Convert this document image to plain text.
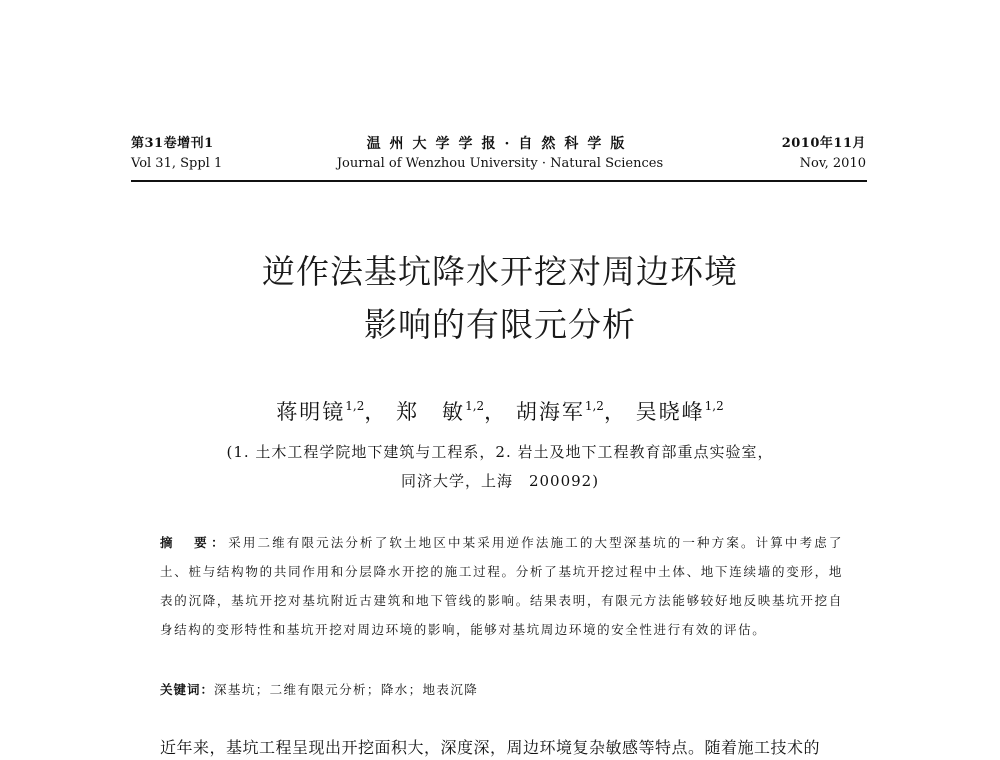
第31卷增刊1
Vol 31, Sppl 1
温州大学学报·自然科学版
Journal of Wenzhou University · Natural Sciences
2010年11月
Nov, 2010
逆作法基坑降水开挖对周边环境
影响的有限元分析
蒋明镜$^{1,2}$， 郑　敏$^{1,2}$， 胡海军$^{1,2}$， 吴晓峰$^{1,2}$
(1. 土木工程学院地下建筑与工程系，2. 岩土及地下工程教育部重点实验室，
同济大学，上海　200092)
摘　要：采用二维有限元法分析了软土地区中某采用逆作法施工的大型深基坑的一种方案。计算中考虑了土、桩与结构物的共同作用和分层降水开挖的施工过程。分析了基坑开挖过程中土体、地下连续墙的变形，地表的沉降，基坑开挖对基坑附近古建筑和地下管线的影响。结果表明，有限元方法能够较好地反映基坑开挖自身结构的变形特性和基坑开挖对周边环境的影响，能够对基坑周边环境的安全性进行有效的评估。
关键词：深基坑；二维有限元分析；降水；地表沉降
近年来，基坑工程呈现出开挖面积大，深度深，周边环境复杂敏感等特点。随着施工技术的
